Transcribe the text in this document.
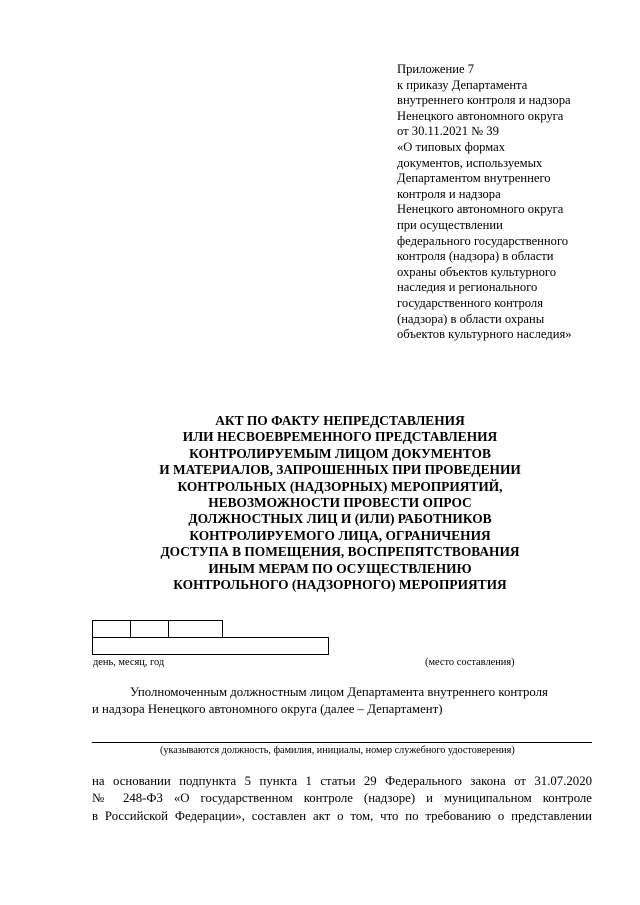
Приложение 7
к приказу Департамента
внутреннего контроля и надзора
Ненецкого автономного округа
от 30.11.2021 № 39
«О типовых формах
документов, используемых
Департаментом внутреннего
контроля и надзора
Ненецкого автономного округа
при осуществлении
федерального государственного
контроля (надзора) в области
охраны объектов культурного
наследия и регионального
государственного контроля
(надзора) в области охраны
объектов культурного наследия»
АКТ ПО ФАКТУ НЕПРЕДСТАВЛЕНИЯ
ИЛИ НЕСВОЕВРЕМЕННОГО ПРЕДСТАВЛЕНИЯ
КОНТРОЛИРУЕМЫМ ЛИЦОМ ДОКУМЕНТОВ
И МАТЕРИАЛОВ, ЗАПРОШЕННЫХ ПРИ ПРОВЕДЕНИИ
КОНТРОЛЬНЫХ (НАДЗОРНЫХ) МЕРОПРИЯТИЙ,
НЕВОЗМОЖНОСТИ ПРОВЕСТИ ОПРОС
ДОЛЖНОСТНЫХ ЛИЦ И (ИЛИ) РАБОТНИКОВ
КОНТРОЛИРУЕМОГО ЛИЦА, ОГРАНИЧЕНИЯ
ДОСТУПА В ПОМЕЩЕНИЯ, ВОСПРЕПЯТСТВОВАНИЯ
ИНЫМ МЕРАМ ПО ОСУЩЕСТВЛЕНИЮ
КОНТРОЛЬНОГО (НАДЗОРНОГО) МЕРОПРИЯТИЯ
день, месяц, год	(место составления)
Уполномоченным должностным лицом Департамента внутреннего контроля
и надзора Ненецкого автономного округа (далее – Департамент)
(указываются должность, фамилия, инициалы, номер служебного удостоверения)
на основании подпункта 5 пункта 1 статьи 29 Федерального закона от 31.07.2020
№ 248-ФЗ «О государственном контроле (надзоре) и муниципальном контроле
в Российской Федерации», составлен акт о том, что по требованию о представлении
